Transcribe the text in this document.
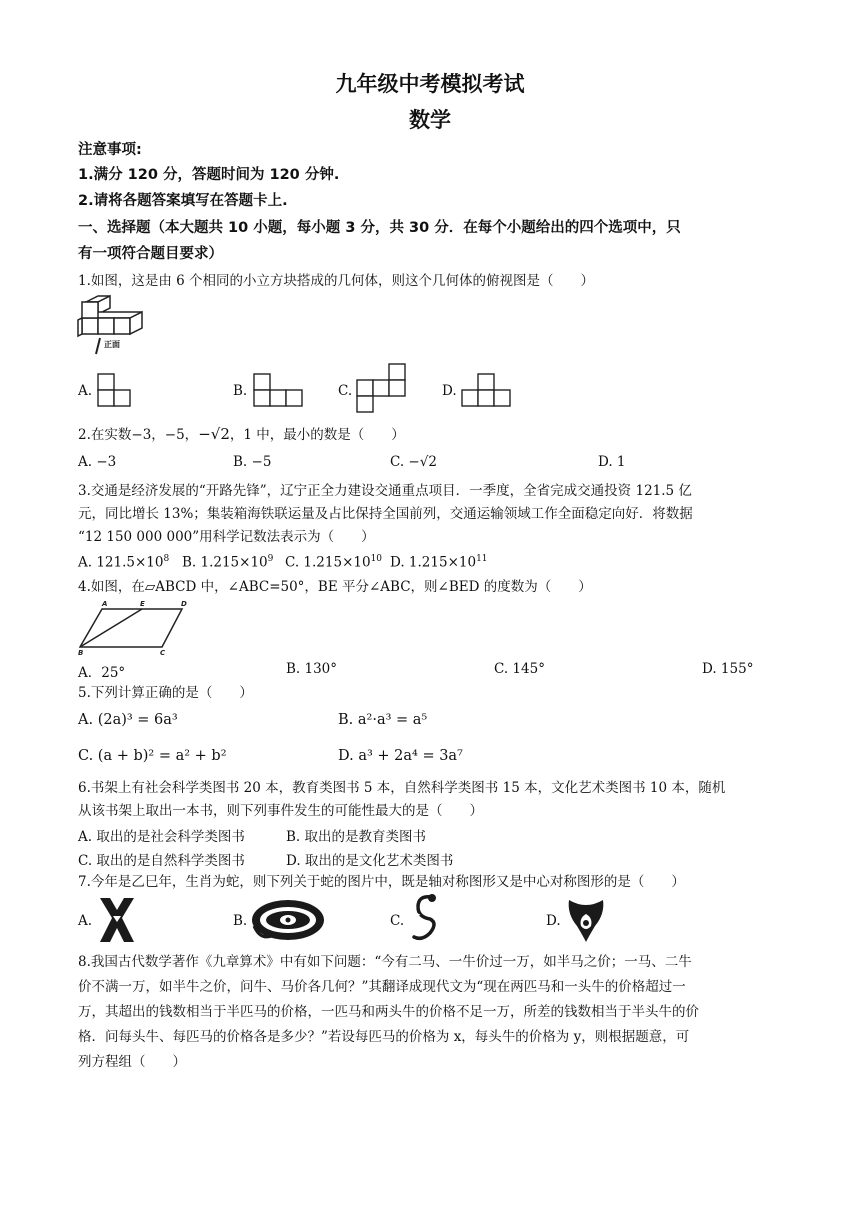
九年级中考模拟考试
数学
注意事项:
1.满分 120 分，答题时间为 120 分钟.
2.请将各题答案填写在答题卡上.
一、选择题（本大题共 10 小题，每小题 3 分，共 30 分．在每个小题给出的四个选项中，只
有一项符合题目要求）
1.如图，这是由 6 个相同的小立方块搭成的几何体，则这个几何体的俯视图是（　　）
正面
A.	B.	C.	D.
2.在实数−3，−5，−√2，1 中，最小的数是（　　）
A. −3	B. −5	C. −√2	D. 1
3.交通是经济发展的“开路先锋”，辽宁正全力建设交通重点项目．一季度，全省完成交通投资 121.5 亿
元，同比增长 13%；集装箱海铁联运量及占比保持全国前列，交通运输领域工作全面稳定向好．将数据
“12 150 000 000”用科学记数法表示为（　　）
A. $121.5\times 10^8$ B. $1.215\times 10^9$ C. $1.215\times 10^{10}$ D. $1.215\times 10^{11}$
4.如图，在▱ABCD 中，∠ABC=50°，BE 平分∠ABC，则∠BED 的度数为（　　）
A	E	D
B	C
A．25°	B. 130°	C. 145°	D. 155°
5.下列计算正确的是（　　）
A. (2a)³ = 6a³	B. a²·a³ = a⁵
C. (a + b)² = a² + b²	D. a³ + 2a⁴ = 3a⁷
6.书架上有社会科学类图书 20 本，教育类图书 5 本，自然科学类图书 15 本，文化艺术类图书 10 本，随机
从该书架上取出一本书，则下列事件发生的可能性最大的是（　　）
A. 取出的是社会科学类图书	B. 取出的是教育类图书
C. 取出的是自然科学类图书	D. 取出的是文化艺术类图书
7.今年是乙巳年，生肖为蛇，则下列关于蛇的图片中，既是轴对称图形又是中心对称图形的是（　　）
A.	B.	C.	D.
8.我国古代数学著作《九章算术》中有如下问题：“今有二马、一牛价过一万，如半马之价；一马、二牛
价不满一万，如半牛之价，问牛、马价各几何？”其翻译成现代文为“现在两匹马和一头牛的价格超过一
万，其超出的钱数相当于半匹马的价格，一匹马和两头牛的价格不足一万，所差的钱数相当于半头牛的价
格．问每头牛、每匹马的价格各是多少？”若设每匹马的价格为 x，每头牛的价格为 y，则根据题意，可
列方程组（　　）
